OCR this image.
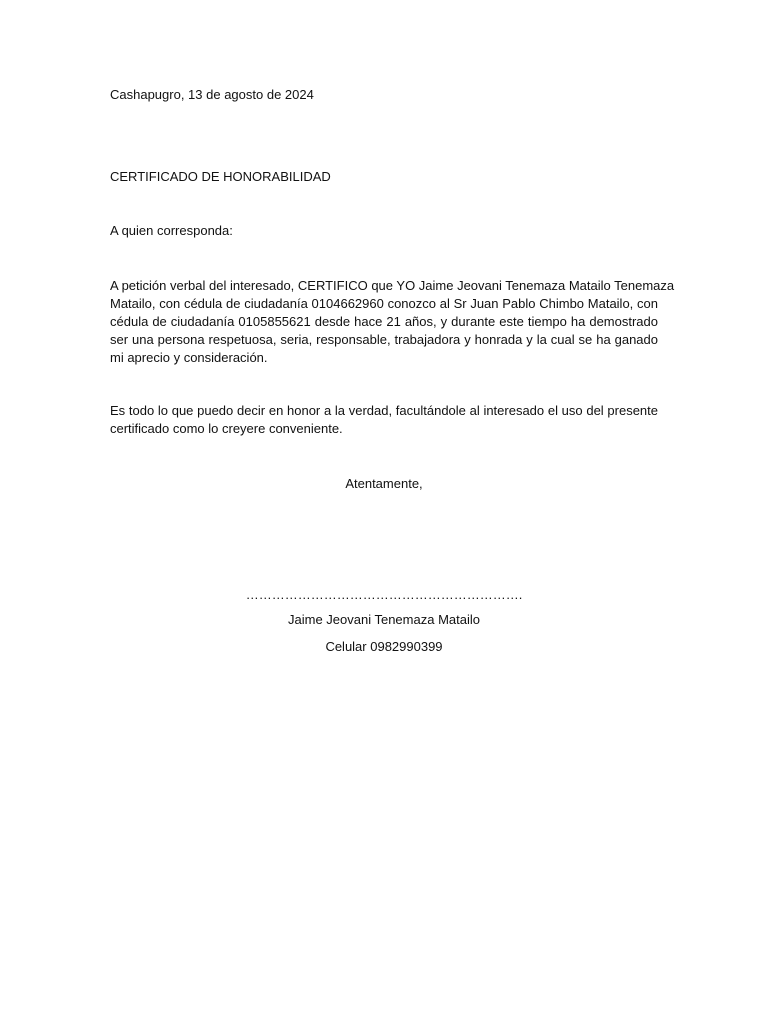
Cashapugro, 13 de agosto de 2024

CERTIFICADO DE HONORABILIDAD

A quien corresponda:

A petición verbal del interesado, CERTIFICO que YO Jaime Jeovani Tenemaza Matailo Tenemaza
Matailo, con cédula de ciudadanía 0104662960 conozco al Sr Juan Pablo Chimbo Matailo, con
cédula de ciudadanía 0105855621 desde hace 21 años, y durante este tiempo ha demostrado
ser una persona respetuosa, seria, responsable, trabajadora y honrada y la cual se ha ganado
mi aprecio y consideración.
Es todo lo que puedo decir en honor a la verdad, facultándole al interesado el uso del presente
certificado como lo creyere conveniente.

Atentamente,

……………………………………………………….

Jaime Jeovani Tenemaza Matailo

Celular 0982990399
